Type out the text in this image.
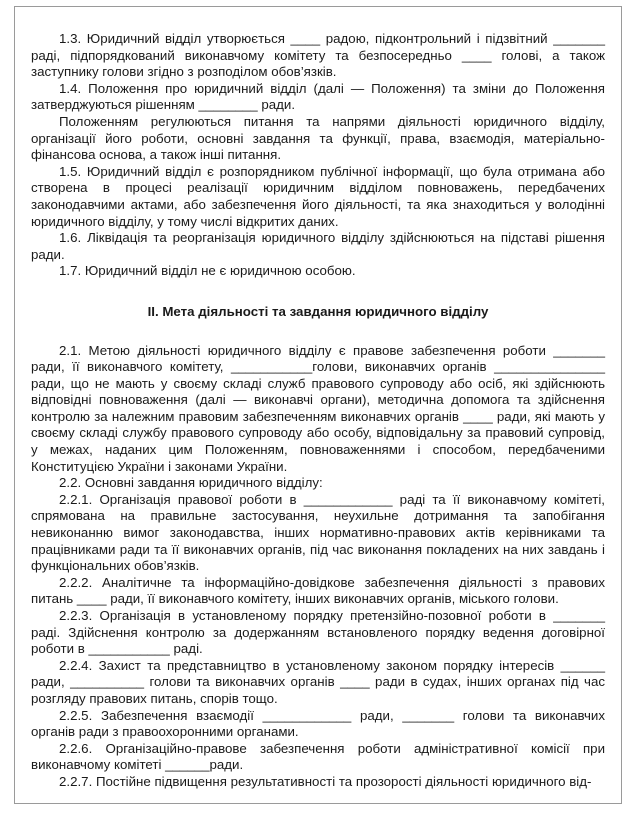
1.3. Юридичний відділ утворюється ____ радою, підконтрольний і підзвітний _______ раді, підпорядкований виконавчому комітету та безпосередньо ____ голові, а також заступнику голови згідно з розподілом обов’язків.

1.4. Положення про юридичний відділ (далі — Положення) та зміни до Положення затверджуються рішенням ________ ради.

Положенням регулюються питання та напрями діяльності юридичного відділу, організації його роботи, основні завдання та функції, права, взаємодія, матеріально-фінансова основа, а також інші питання.

1.5. Юридичний відділ є розпорядником публічної інформації, що була отримана або створена в процесі реалізації юридичним відділом повноважень, передбачених законодавчими актами, або забезпечення його діяльності, та яка знаходиться у володінні юридичного відділу, у тому числі відкритих даних.

1.6. Ліквідація та реорганізація юридичного відділу здійснюються на підставі рішення ради.

1.7. Юридичний відділ не є юридичною особою.

II. Мета діяльності та завдання юридичного відділу

2.1. Метою діяльності юридичного відділу є правове забезпечення роботи _______ ради, її виконавчого комітету, ___________голови, виконавчих органів _______________ ради, що не мають у своєму складі служб правового супроводу або осіб, які здійснюють відповідні повноваження (далі — виконавчі органи), методична допомога та здійснення контролю за належним правовим забезпеченням виконавчих органів ____ ради, які мають у своєму складі службу правового супроводу або особу, відповідальну за правовий супровід, у межах, наданих цим Положенням, повноваженнями і способом, передбаченими Конституцією України і законами України.

2.2. Основні завдання юридичного відділу:

2.2.1. Організація правової роботи в ____________ раді та її виконавчому комітеті, спрямована на правильне застосування, неухильне дотримання та запобігання невиконанню вимог законодавства, інших нормативно-правових актів керівниками та працівниками ради та її виконавчих органів, під час виконання покладених на них завдань і функціональних обов’язків.

2.2.2. Аналітичне та інформаційно-довідкове забезпечення діяльності з правових питань ____ ради, її виконавчого комітету, інших виконавчих органів, міського голови.

2.2.3. Організація в установленому порядку претензійно-позовної роботи в _______ раді. Здійснення контролю за додержанням встановленого порядку ведення договірної роботи в ___________ раді.

2.2.4. Захист та представництво в установленому законом порядку інтересів ______ ради, __________ голови та виконавчих органів ____ ради в судах, інших органах під час розгляду правових питань, спорів тощо.

2.2.5. Забезпечення взаємодії ____________ ради, _______ голови та виконавчих органів ради з правоохоронними органами.

2.2.6. Організаційно-правове забезпечення роботи адміністративної комісії при виконавчому комітеті ______ради.

2.2.7. Постійне підвищення результативності та прозорості діяльності юридичного від-
